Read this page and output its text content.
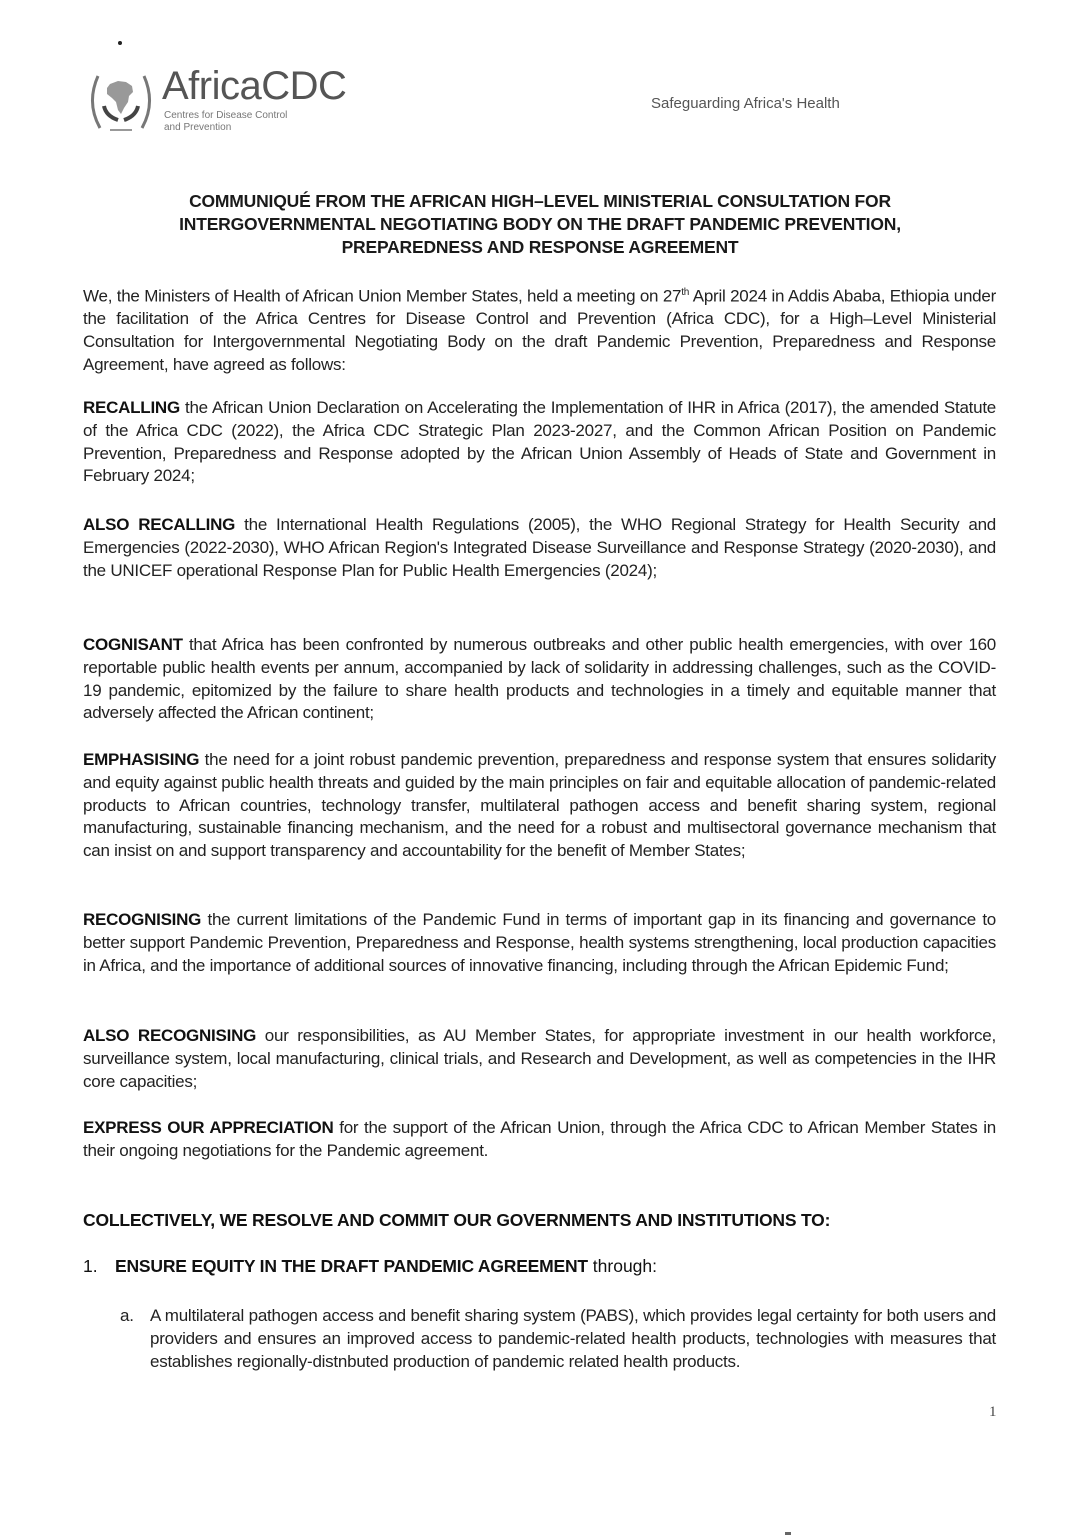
AfricaCDC
Centres for Disease Control
and Prevention
Safeguarding Africa's Health
COMMUNIQUÉ FROM THE AFRICAN HIGH–LEVEL MINISTERIAL CONSULTATION FOR
INTERGOVERNMENTAL NEGOTIATING BODY ON THE DRAFT PANDEMIC PREVENTION,
PREPAREDNESS AND RESPONSE AGREEMENT
We, the Ministers of Health of African Union Member States, held a meeting on 27th April 2024 in Addis Ababa, Ethiopia under the facilitation of the Africa Centres for Disease Control and Prevention (Africa CDC), for a High–Level Ministerial Consultation for Intergovernmental Negotiating Body on the draft Pandemic Prevention, Preparedness and Response Agreement, have agreed as follows:
RECALLING the African Union Declaration on Accelerating the Implementation of IHR in Africa (2017), the amended Statute of the Africa CDC (2022), the Africa CDC Strategic Plan 2023-2027, and the Common African Position on Pandemic Prevention, Preparedness and Response adopted by the African Union Assembly of Heads of State and Government in February 2024;
ALSO RECALLING the International Health Regulations (2005), the WHO Regional Strategy for Health Security and Emergencies (2022-2030), WHO African Region's Integrated Disease Surveillance and Response Strategy (2020-2030), and the UNICEF operational Response Plan for Public Health Emergencies (2024);
COGNISANT that Africa has been confronted by numerous outbreaks and other public health emergencies, with over 160 reportable public health events per annum, accompanied by lack of solidarity in addressing challenges, such as the COVID-19 pandemic, epitomized by the failure to share health products and technologies in a timely and equitable manner that adversely affected the African continent;
EMPHASISING the need for a joint robust pandemic prevention, preparedness and response system that ensures solidarity and equity against public health threats and guided by the main principles on fair and equitable allocation of pandemic-related products to African countries, technology transfer, multilateral pathogen access and benefit sharing system, regional manufacturing, sustainable financing mechanism, and the need for a robust and multisectoral governance mechanism that can insist on and support transparency and accountability for the benefit of Member States;
RECOGNISING the current limitations of the Pandemic Fund in terms of important gap in its financing and governance to better support Pandemic Prevention, Preparedness and Response, health systems strengthening, local production capacities in Africa, and the importance of additional sources of innovative financing, including through the African Epidemic Fund;
ALSO RECOGNISING our responsibilities, as AU Member States, for appropriate investment in our health workforce, surveillance system, local manufacturing, clinical trials, and Research and Development, as well as competencies in the IHR core capacities;
EXPRESS OUR APPRECIATION for the support of the African Union, through the Africa CDC to African Member States in their ongoing negotiations for the Pandemic agreement.
COLLECTIVELY, WE RESOLVE AND COMMIT OUR GOVERNMENTS AND INSTITUTIONS TO:
1. ENSURE EQUITY IN THE DRAFT PANDEMIC AGREEMENT through:
a. A multilateral pathogen access and benefit sharing system (PABS), which provides legal certainty for both users and providers and ensures an improved access to pandemic-related health products, technologies with measures that establishes regionally-distnbuted production of pandemic related health products.
1
